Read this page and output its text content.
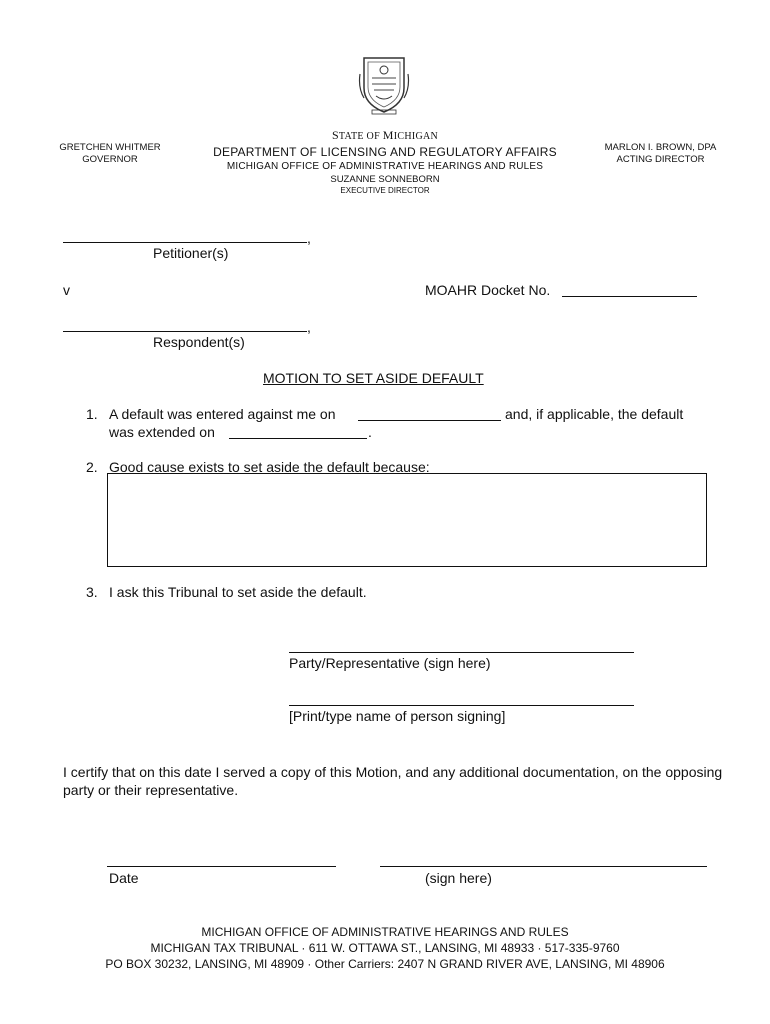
GRETCHEN WHITMER
GOVERNOR
STATE OF MICHIGAN
DEPARTMENT OF LICENSING AND REGULATORY AFFAIRS
MICHIGAN OFFICE OF ADMINISTRATIVE HEARINGS AND RULES
SUZANNE SONNEBORN
EXECUTIVE DIRECTOR
MARLON I. BROWN, DPA
ACTING DIRECTOR
,
Petitioner(s)
v	MOAHR Docket No.
,
Respondent(s)
MOTION TO SET ASIDE DEFAULT
1. A default was entered against me on	and, if applicable, the default
was extended on	.
2. Good cause exists to set aside the default because:
3. I ask this Tribunal to set aside the default.
Party/Representative (sign here)
[Print/type name of person signing]
I certify that on this date I served a copy of this Motion, and any additional documentation, on the opposing party or their representative.
Date	(sign here)
MICHIGAN OFFICE OF ADMINISTRATIVE HEARINGS AND RULES
MICHIGAN TAX TRIBUNAL · 611 W. OTTAWA ST., LANSING, MI 48933 · 517-335-9760
PO BOX 30232, LANSING, MI 48909 · Other Carriers: 2407 N GRAND RIVER AVE, LANSING, MI 48906
